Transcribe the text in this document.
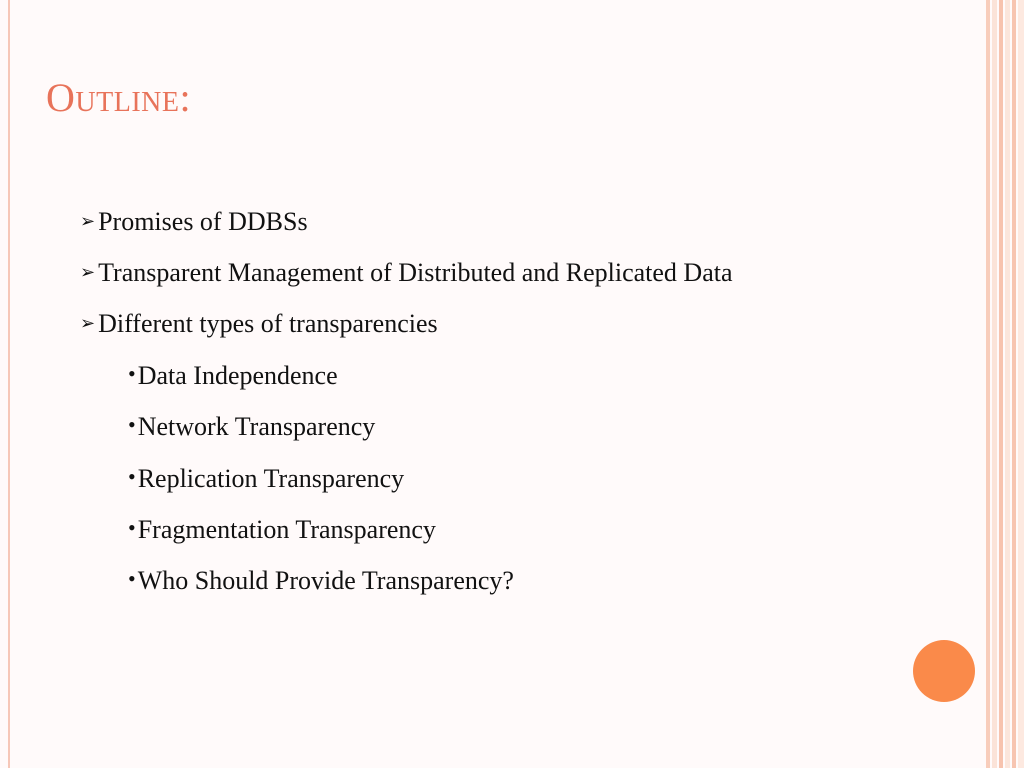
Outline:
➢ Promises of DDBSs
➢ Transparent Management of Distributed and Replicated Data
➢ Different types of transparencies
• Data Independence
• Network Transparency
• Replication Transparency
• Fragmentation Transparency
• Who Should Provide Transparency?
